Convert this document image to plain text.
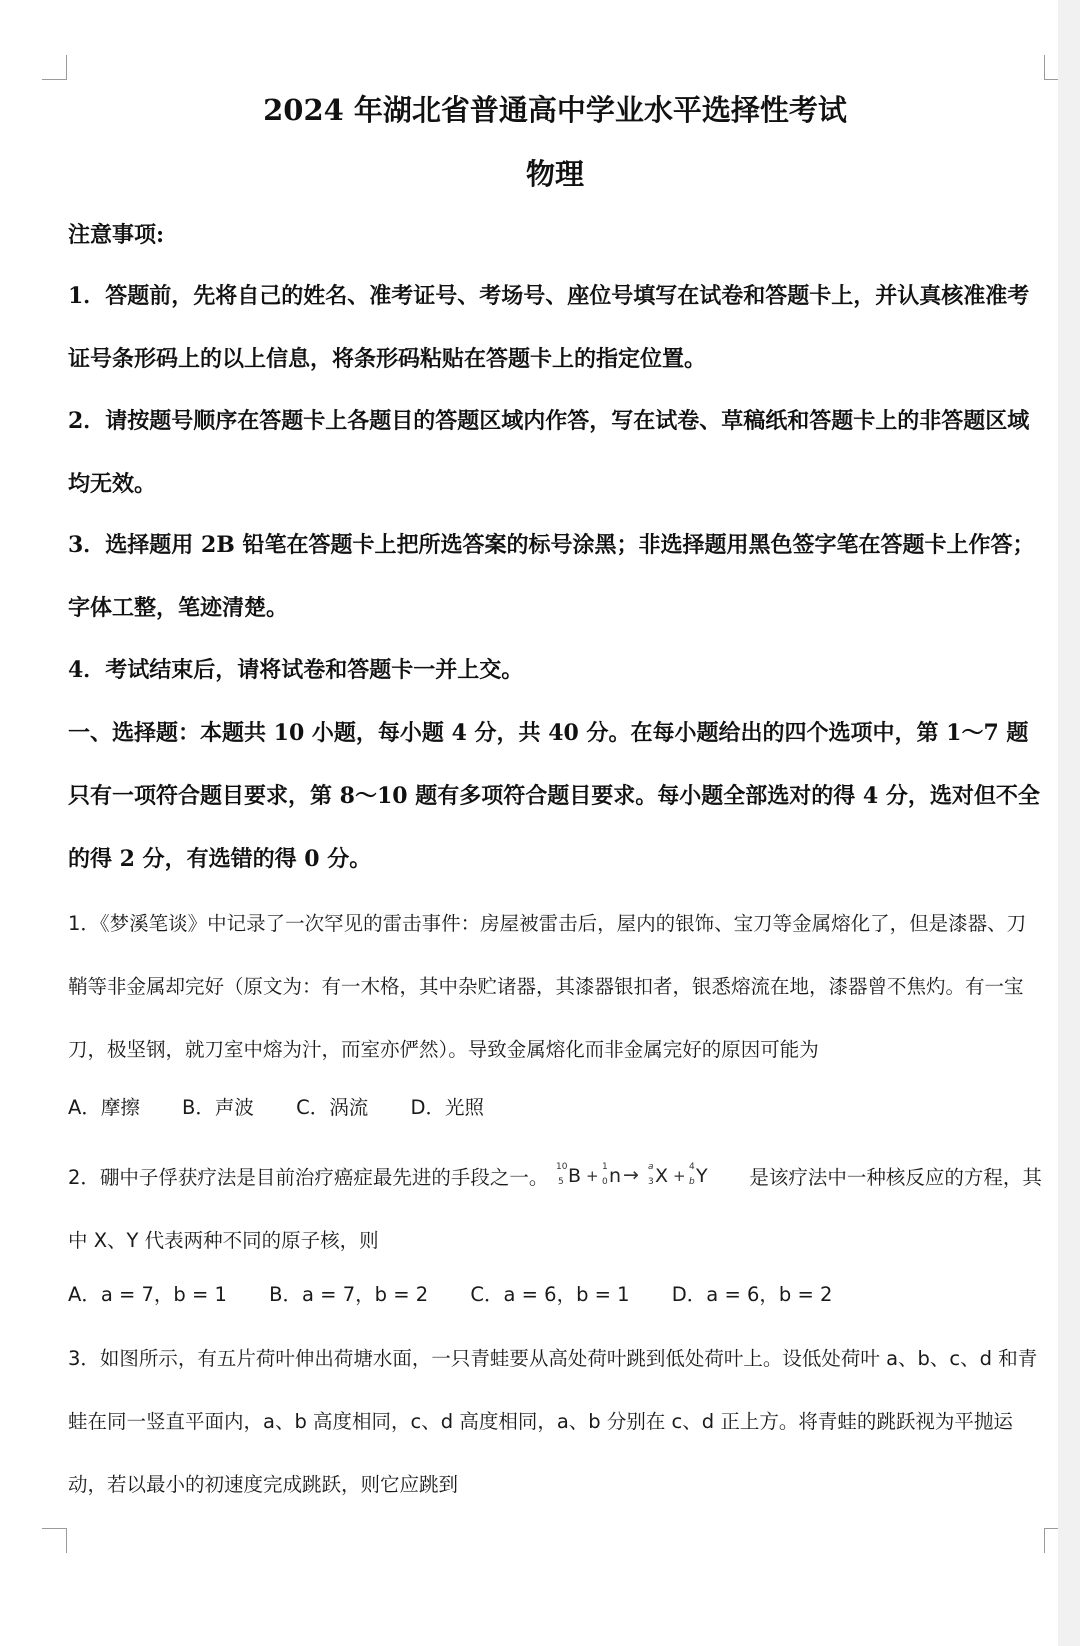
2024 年湖北省普通高中学业水平选择性考试
物理

注意事项:

1．答题前，先将自己的姓名、准考证号、考场号、座位号填写在试卷和答题卡上，并认真核准准考证号条形码上的以上信息，将条形码粘贴在答题卡上的指定位置。

2．请按题号顺序在答题卡上各题目的答题区域内作答，写在试卷、草稿纸和答题卡上的非答题区域均无效。

3．选择题用 2B 铅笔在答题卡上把所选答案的标号涂黑；非选择题用黑色签字笔在答题卡上作答；字体工整，笔迹清楚。

4．考试结束后，请将试卷和答题卡一并上交。

一、选择题：本题共 10 小题，每小题 4 分，共 40 分。在每小题给出的四个选项中，第 1～7 题只有一项符合题目要求，第 8～10 题有多项符合题目要求。每小题全部选对的得 4 分，选对但不全的得 2 分，有选错的得 0 分。

1．《梦溪笔谈》中记录了一次罕见的雷击事件：房屋被雷击后，屋内的银饰、宝刀等金属熔化了，但是漆器、刀鞘等非金属却完好（原文为：有一木格，其中杂贮诸器，其漆器银扣者，银悉熔流在地，漆器曾不焦灼。有一宝刀，极坚钢，就刀室中熔为汁，而室亦俨然）。导致金属熔化而非金属完好的原因可能为

A．摩擦 B．声波 C．涡流 D．光照

2．硼中子俘获疗法是目前治疗癌症最先进的手段之一。 10
5 B + 1
0 n → a
3 X + 4
b Y 是该疗法中一种核反应的方程，其中 X、Y 代表两种不同的原子核，则

A．a = 7，b = 1 B．a = 7，b = 2 C．a = 6，b = 1 D．a = 6，b = 2

3．如图所示，有五片荷叶伸出荷塘水面，一只青蛙要从高处荷叶跳到低处荷叶上。设低处荷叶 a、b、c、d 和青蛙在同一竖直平面内，a、b 高度相同，c、d 高度相同，a、b 分别在 c、d 正上方。将青蛙的跳跃视为平抛运动，若以最小的初速度完成跳跃，则它应跳到
